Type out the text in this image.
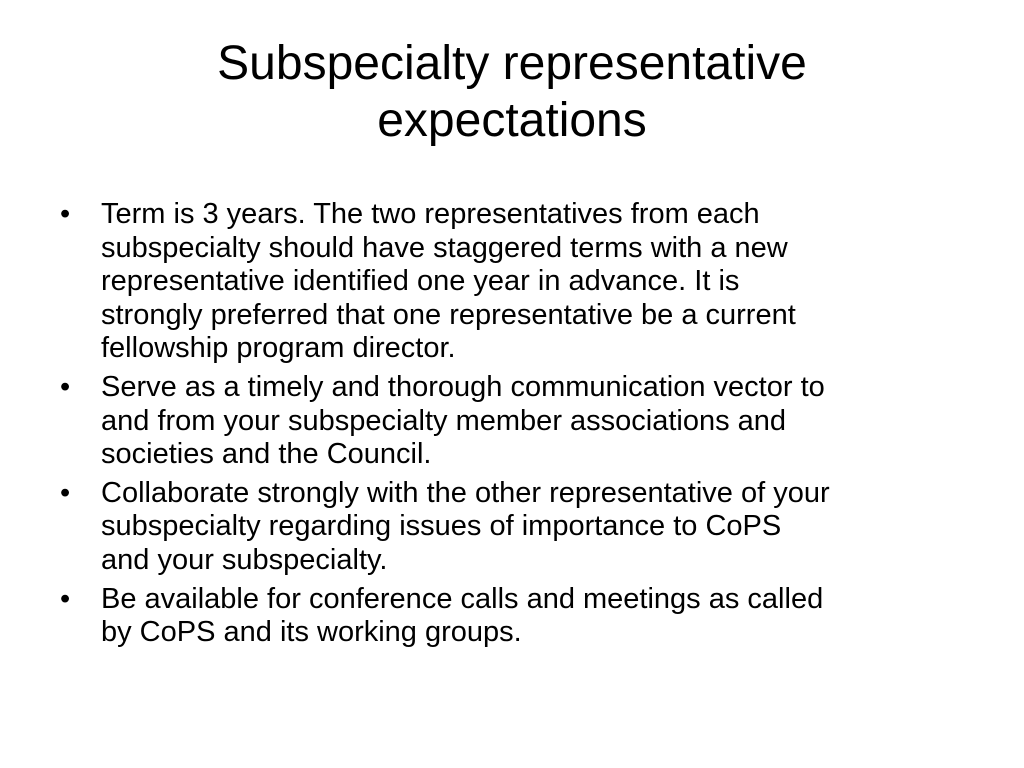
Subspecialty representative
expectations
• Term is 3 years. The two representatives from each
subspecialty should have staggered terms with a new
representative identified one year in advance. It is
strongly preferred that one representative be a current
fellowship program director.
• Serve as a timely and thorough communication vector to
and from your subspecialty member associations and
societies and the Council.
• Collaborate strongly with the other representative of your
subspecialty regarding issues of importance to CoPS
and your subspecialty.
• Be available for conference calls and meetings as called
by CoPS and its working groups.
